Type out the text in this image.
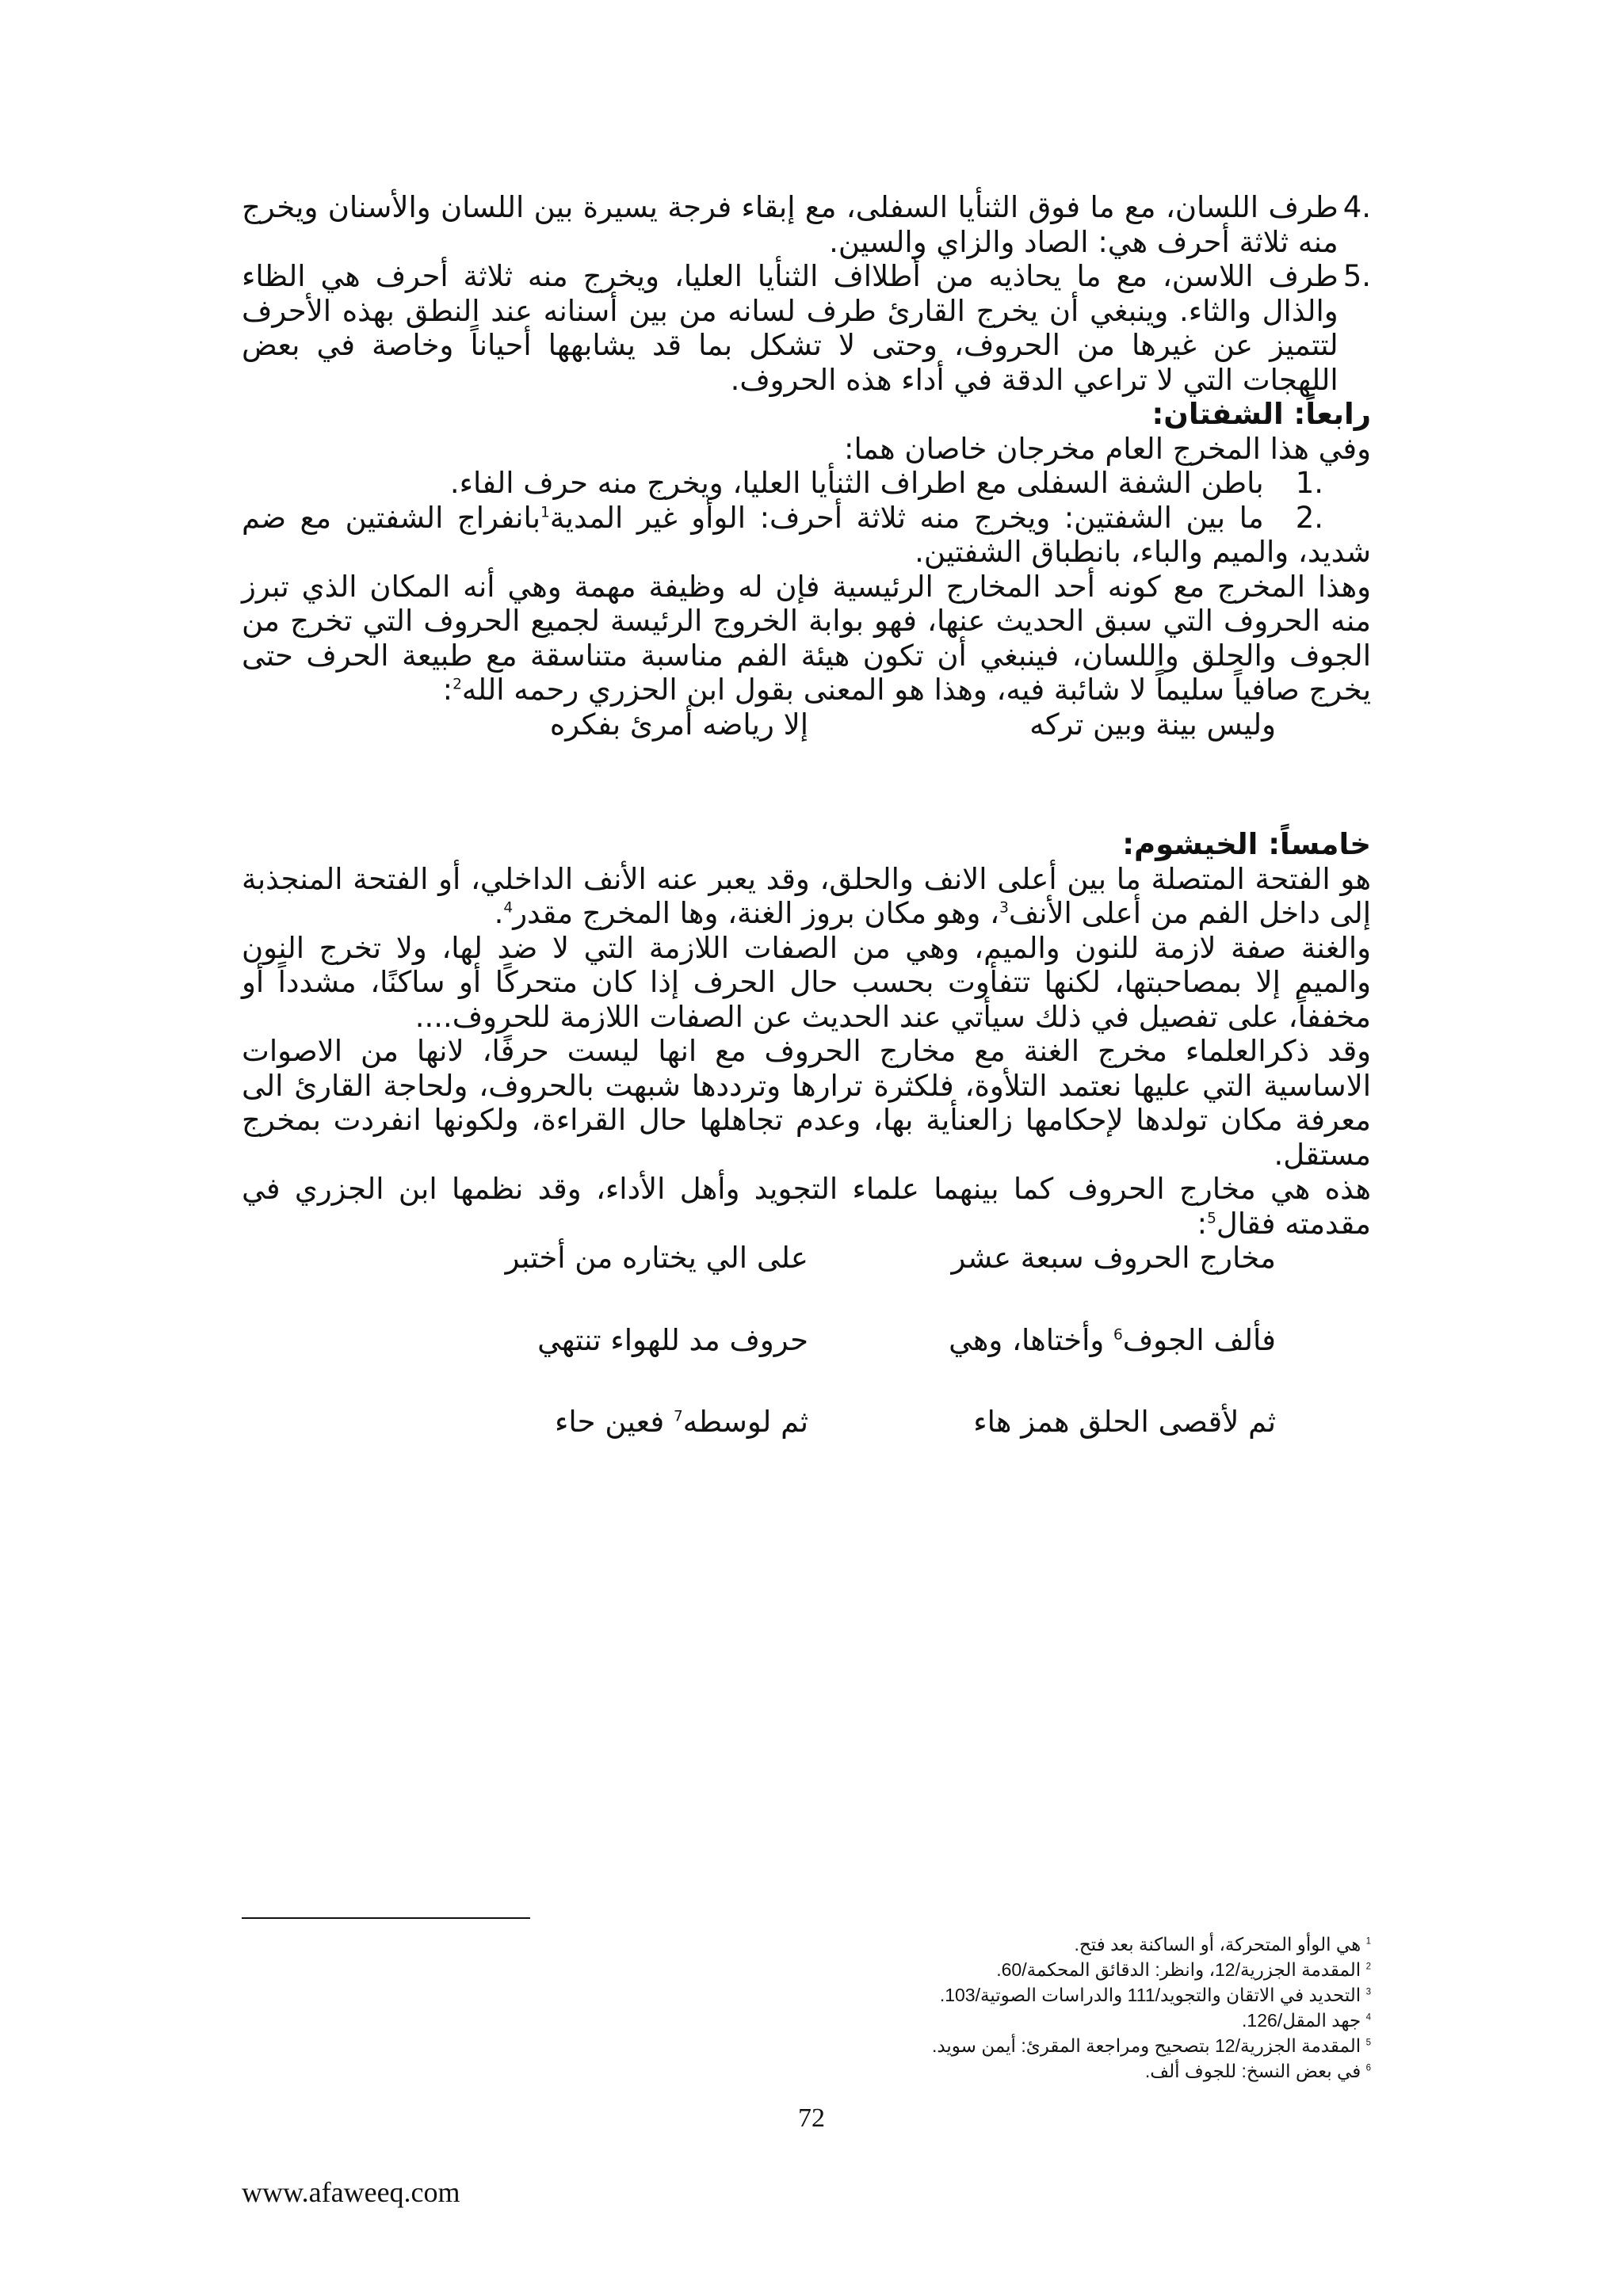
.4
طرف اللسان، مع ما فوق الثنأيا السفلى، مع إبقاء فرجة يسيرة بين اللسان والأسنان ويخرج منه ثلاثة أحرف هي: الصاد والزاي والسين.
.5
طرف اللاسن، مع ما يحاذيه من أطلااف الثنأيا العليا، ويخرج منه ثلاثة أحرف هي الظاء والذال والثاء. وينبغي أن يخرج القارئ طرف لسانه من بين أسنانه عند النطق بهذه الأحرف لتتميز عن غيرها من الحروف، وحتى لا تشكل بما قد يشابهها أحياناً وخاصة في بعض اللهجات التي لا تراعي الدقة في أداء هذه الحروف.

رابعاً: الشفتان:

وفي هذا المخرج العام مخرجان خاصان هما:

.1
باطن الشفة السفلى مع اطراف الثنأيا العليا، ويخرج منه حرف الفاء.

.2ما بين الشفتين: ويخرج منه ثلاثة أحرف: الوأو غير المدية$^1$بانفراج الشفتين مع ضم شديد، والميم والباء، بانطباق الشفتين.

وهذا المخرج مع كونه أحد المخارج الرئيسية فإن له وظيفة مهمة وهي أنه المكان الذي تبرز منه الحروف التي سبق الحديث عنها، فهو بوابة الخروج الرئيسة لجميع الحروف التي تخرج من الجوف والحلق واللسان، فينبغي أن تكون هيئة الفم مناسبة متناسقة مع طبيعة الحرف حتى يخرج صافياً سليماً لا شائبة فيه، وهذا هو المعنى بقول ابن الحزري رحمه الله$^2$:

وليس بينة وبين تركه
إلا رياضه أمرئ بفكره

خامساً: الخيشوم:

هو الفتحة المتصلة ما بين أعلى الانف والحلق، وقد يعبر عنه الأنف الداخلي، أو الفتحة المنجذبة إلى داخل الفم من أعلى الأنف$^3$، وهو مكان بروز الغنة، وها المخرج مقدر$^4$.

والغنة صفة لازمة للنون والميم، وهي من الصفات اللازمة التي لا ضد لها، ولا تخرج النون والميم إلا بمصاحبتها، لكنها تتفأوت بحسب حال الحرف إذا كان متحركًا أو ساكنًا، مشدداً أو مخففاً، على تفصيل في ذلك سيأتي عند الحديث عن الصفات اللازمة للحروف....

وقد ذكرالعلماء مخرج الغنة مع مخارج الحروف مع انها ليست حرفًا، لانها من الاصوات الاساسية التي عليها نعتمد التلأوة، فلكثرة ترارها وترددها شبهت بالحروف، ولحاجة القارئ الى معرفة مكان تولدها لإحكامها زالعنأية بها، وعدم تجاهلها حال القراءة، ولكونها انفردت بمخرج مستقل.

هذه هي مخارج الحروف كما بينهما علماء التجويد وأهل الأداء، وقد نظمها ابن الجزري في مقدمته فقال$^5$:

مخارج الحروف سبعة عشر
على الي يختاره من أختبر
فألف الجوف$^6$ وأختاها، وهي
حروف مد للهواء تنتهي
ثم لأقصى الحلق همز هاء
ثم لوسطه$^7$ فعين حاء

$^1$ هي الوأو المتحركة، أو الساكنة بعد فتح.

$^2$ المقدمة الجزرية/12، وانظر: الدقائق المحكمة/60.

$^3$ التحديد في الاتقان والتجويد/111 والدراسات الصوتية/103.

$^4$ جهد المقل/126.

$^5$ المقدمة الجزرية/12 بتصحيح ومراجعة المقرئ: أيمن سويد.

$^6$ في بعض النسخ: للجوف ألف.

72
www.afaweeq.com
